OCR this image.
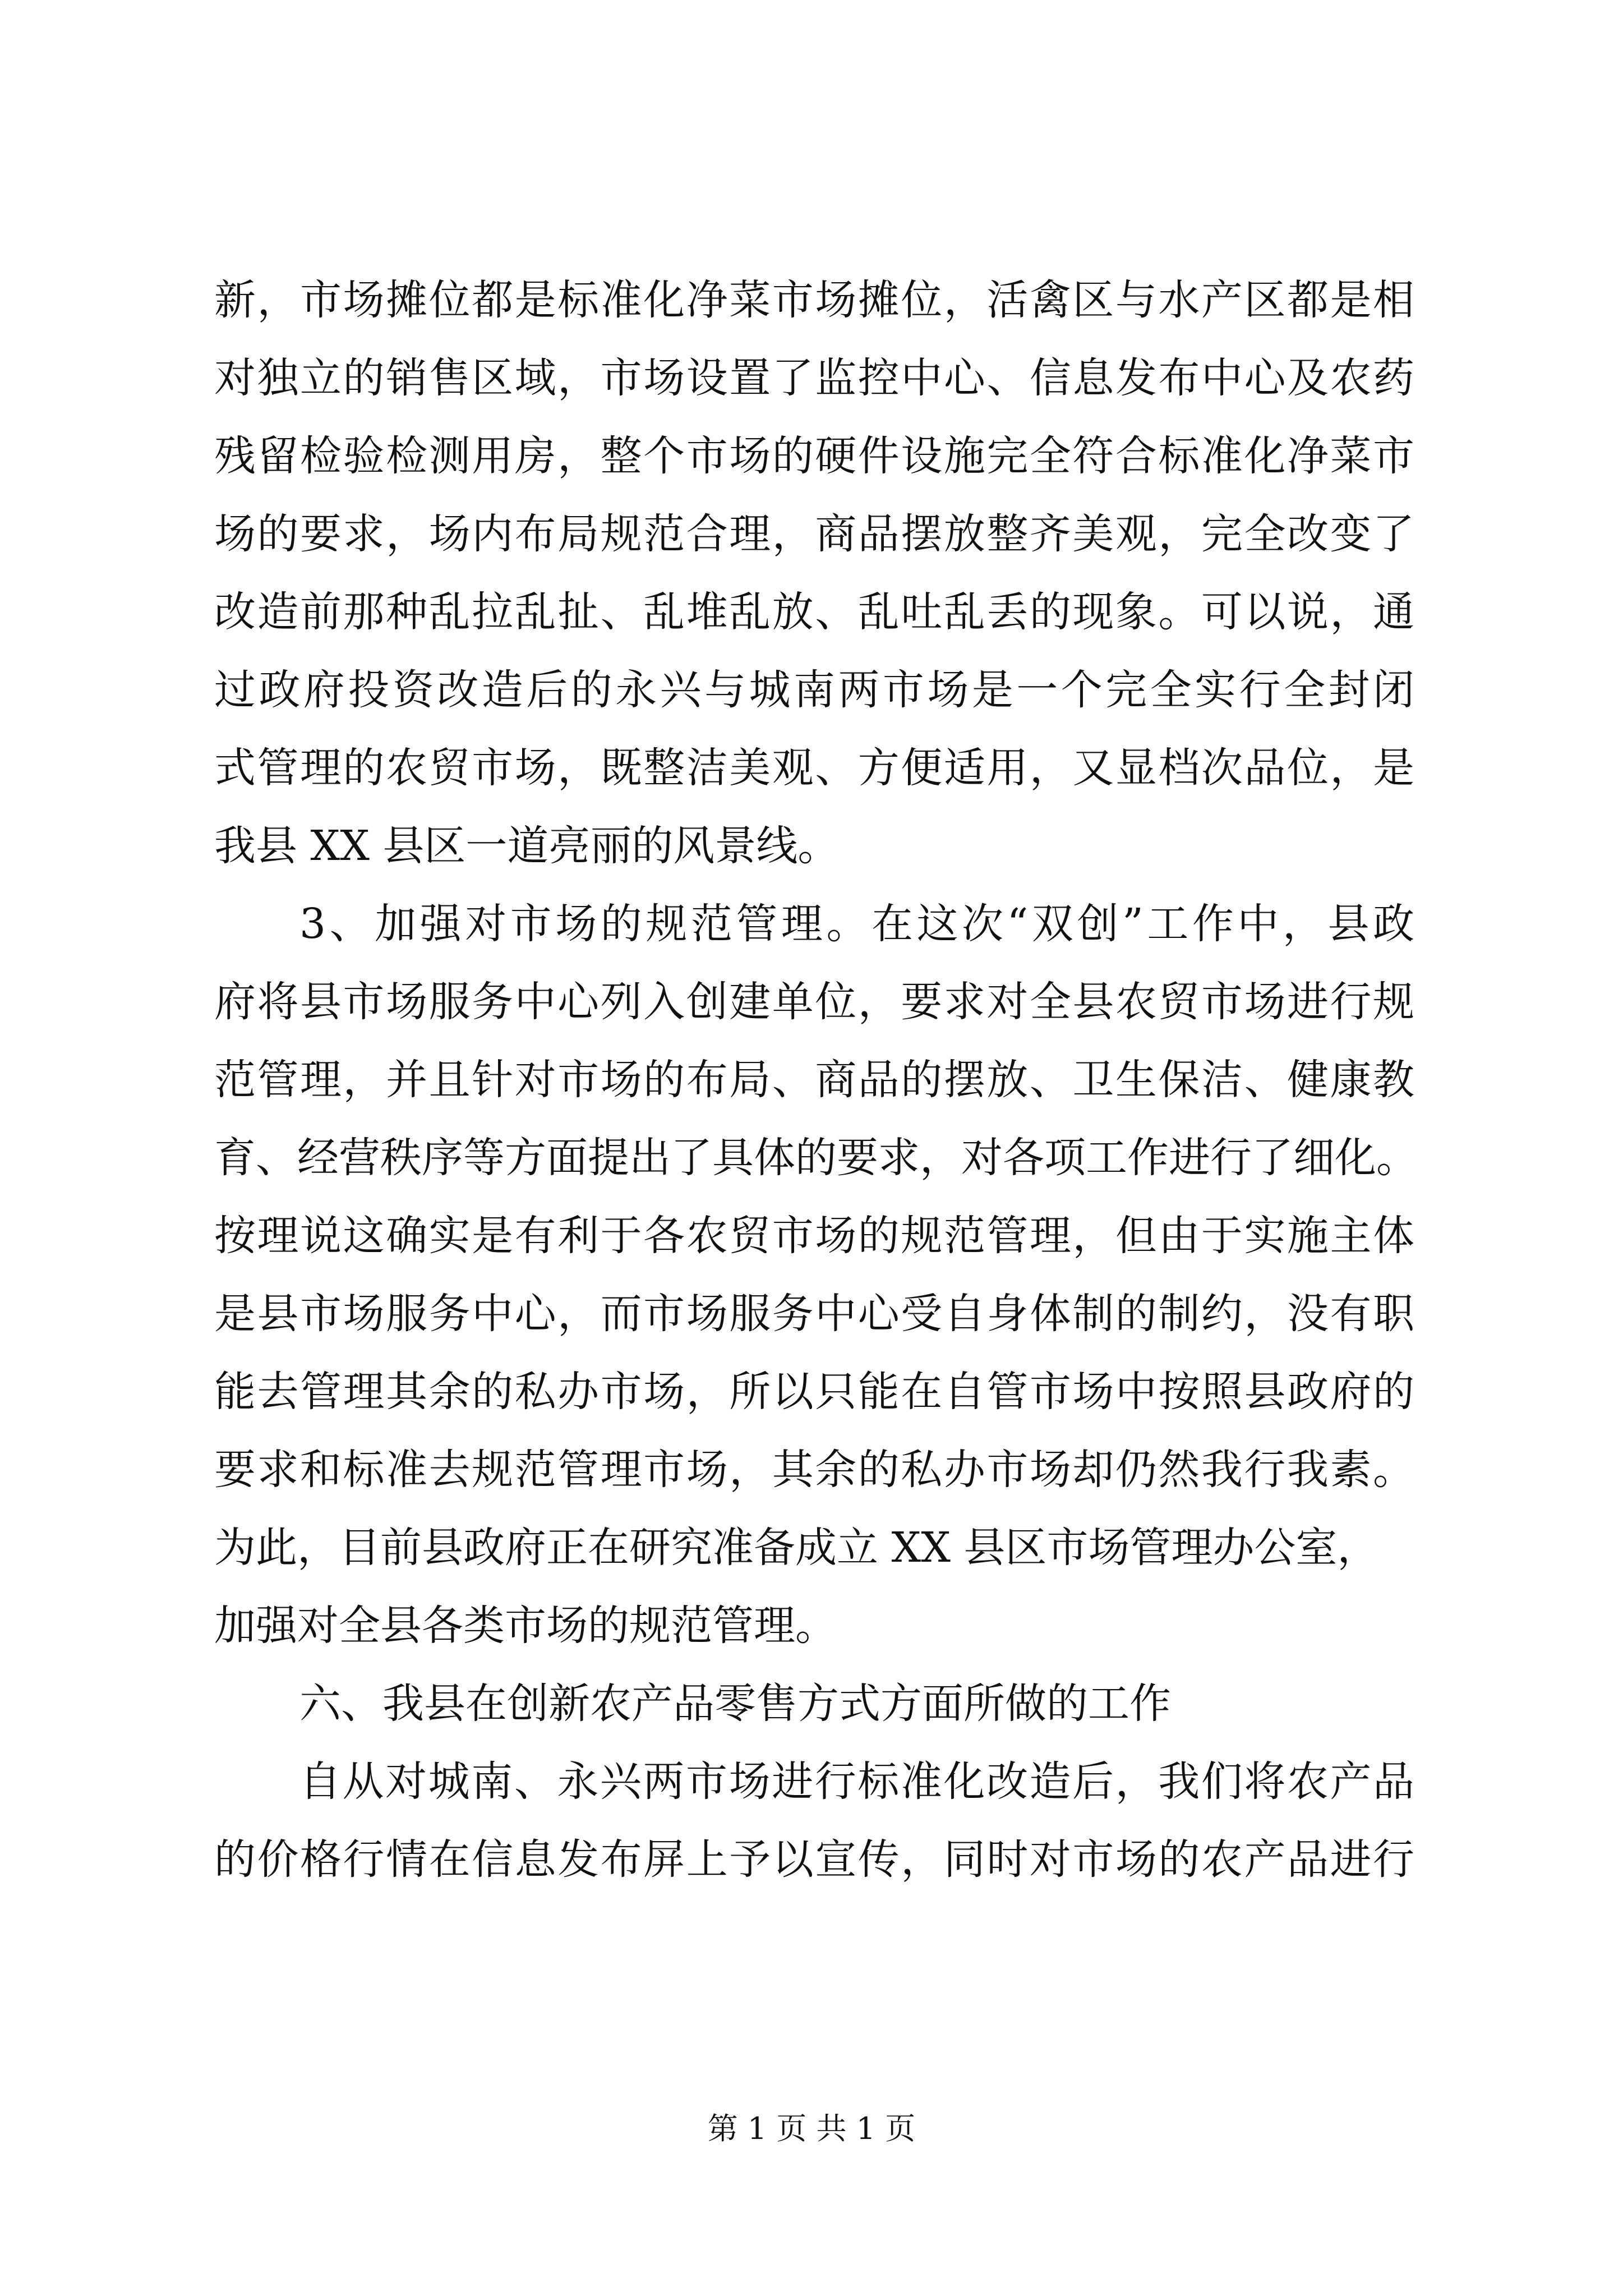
新，市场摊位都是标准化净菜市场摊位，活禽区与水产区都是相
对独立的销售区域，市场设置了监控中心、信息发布中心及农药
残留检验检测用房，整个市场的硬件设施完全符合标准化净菜市
场的要求，场内布局规范合理，商品摆放整齐美观，完全改变了
改造前那种乱拉乱扯、乱堆乱放、乱吐乱丢的现象。可以说，通
过政府投资改造后的永兴与城南两市场是一个完全实行全封闭
式管理的农贸市场，既整洁美观、方便适用，又显档次品位，是
我县 XX 县区一道亮丽的风景线。
3、加强对市场的规范管理。在这次“双创”工作中，县政
府将县市场服务中心列入创建单位，要求对全县农贸市场进行规
范管理，并且针对市场的布局、商品的摆放、卫生保洁、健康教
育、经营秩序等方面提出了具体的要求，对各项工作进行了细化。
按理说这确实是有利于各农贸市场的规范管理，但由于实施主体
是县市场服务中心，而市场服务中心受自身体制的制约，没有职
能去管理其余的私办市场，所以只能在自管市场中按照县政府的
要求和标准去规范管理市场，其余的私办市场却仍然我行我素。
为此，目前县政府正在研究准备成立 XX 县区市场管理办公室，
加强对全县各类市场的规范管理。
六、我县在创新农产品零售方式方面所做的工作
自从对城南、永兴两市场进行标准化改造后，我们将农产品
的价格行情在信息发布屏上予以宣传，同时对市场的农产品进行
第 1 页 共 1 页
